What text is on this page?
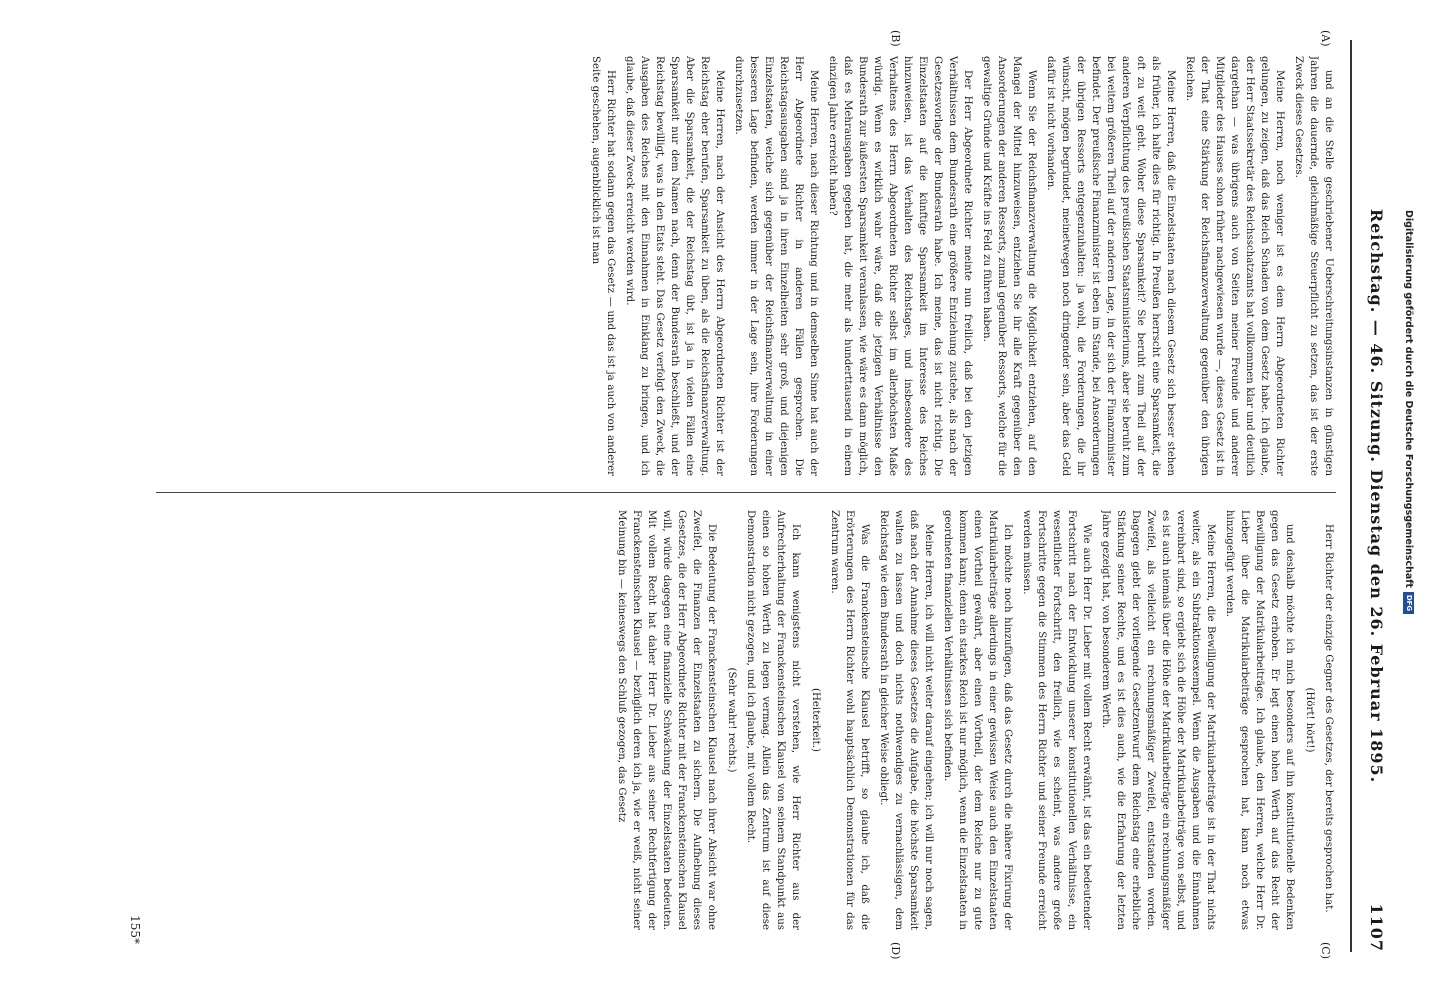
Reichstag. — 46. Sitzung. Dienstag den 26. Februar 1895.
1107
(A)
(B)
(C)
(D)

und an die Stelle geschriebener Ueberschreitungsinstanzen in günstigen Jahren die dauernde, gleichmäßige Steuerpflicht zu setzen, das ist der erste Zweck dieses Gesetzes.

Meine Herren, noch weniger ist es dem Herrn Abgeordneten Richter gelungen, zu zeigen, daß das Reich Schaden von dem Gesetz habe. Ich glaube, der Herr Staatssekretär des Reichsschatzamts hat vollkommen klar und deutlich dargethan — was übrigens auch von Seiten meiner Freunde und anderer Mitglieder des Hauses schon früher nachgewiesen wurde —, dieses Gesetz ist in der That eine Stärkung der Reichsfinanzverwaltung gegenüber den übrigen Reichen.

Meine Herren, daß die Einzelstaaten nach diesem Gesetz sich besser stehen als früher, ich halte dies für richtig. In Preußen herrscht eine Sparsamkeit, die oft zu weit geht. Woher diese Sparsamkeit? Sie beruht zum Theil auf der anderen Verpflichtung des preußischen Staatsministeriums, aber sie beruht zum bei weitem größeren Theil auf der anderen Lage, in der sich der Finanzminister befindet. Der preußische Finanzminister ist eben im Stande, bei Ansorderungen der übrigen Ressorts entgegenzuhalten: ja wohl, die Forderungen, die ihr wünscht, mögen begründet, meinetwegen noch dringender sein, aber das Geld dafür ist nicht vorhanden.

Wenn Sie der Reichsfinanzverwaltung die Möglichkeit entziehen, auf den Mangel der Mittel hinzuweisen, entziehen Sie ihr alle Kraft gegenüber den Ansorderungen der anderen Ressorts, zumal gegenüber Ressorts, welche für die gewaltige Gründe und Kräfte ins Feld zu führen haben.

Der Herr Abgeordnete Richter meinte nun freilich, daß bei den jetzigen Verhältnissen dem Bundesrath eine größere Entziehung zustehe, als nach der Gesetzesvorlage der Bundesrath habe. Ich meine, das ist nicht richtig. Die Einzelstaaten auf die künftige Sparsamkeit im Interesse des Reiches hinzuweisen, ist das Verhalten des Reichstages, und insbesondere des Verhaltens des Herrn Abgeordneten Richter selbst im allerhöchsten Maße würdig. Wenn es wirklich wahr wäre, daß die jetzigen Verhältnisse den Bundesrath zur äußersten Sparsamkeit veranlassen, wie wäre es dann möglich, daß es Mehrausgaben gegeben hat, die mehr als hunderttausend in einem einzigen Jahre erreicht haben?

Meine Herren, nach dieser Richtung und in demselben Sinne hat auch der Herr Abgeordnete Richter in anderen Fällen gesprochen. Die Reichstagsausgaben sind ja in ihren Einzelheiten sehr groß, und diejenigen Einzelstaaten, welche sich gegenüber der Reichsfinanzverwaltung in einer besseren Lage befinden, werden immer in der Lage sein, ihre Forderungen durchzusetzen.

Meine Herren, nach der Ansicht des Herrn Abgeordneten Richter ist der Reichstag eher berufen, Sparsamkeit zu üben, als die Reichsfinanzverwaltung. Aber die Sparsamkeit, die der Reichstag übt, ist ja in vielen Fällen eine Sparsamkeit nur dem Namen nach, denn der Bundesrath beschließt, und der Reichstag bewilligt, was in den Etats steht. Das Gesetz verfolgt den Zweck, die Ausgaben des Reiches mit den Einnahmen in Einklang zu bringen, und ich glaube, daß dieser Zweck erreicht werden wird.

Herr Richter hat sodann gegen das Gesetz — und das ist ja auch von anderer Seite geschehen, augenblicklich ist man

Herr Richter der einzige Gegner des Gesetzes, der bereits gesprochen hat.

(Hört! hört!)

und deshalb möchte ich mich besonders auf ihn konstitutionelle Bedenken gegen das Gesetz erhoben. Er legt einen hohen Werth auf das Recht der Bewilligung der Matrikularbeiträge. Ich glaube, den Herren, welche Herr Dr. Lieber über die Matrikularbeiträge gesprochen hat, kann noch etwas hinzugefügt werden.

Meine Herren, die Bewilligung der Matrikularbeiträge ist in der That nichts weiter, als ein Subtraktionsexempel. Wenn die Ausgaben und die Einnahmen vereinbart sind, so ergiebt sich die Höhe der Matrikularbeiträge von selbst, und es ist auch niemals über die Höhe der Matrikularbeiträge ein rechnungsmäßiger Zweifel, als vielleicht ein rechnungsmäßiger Zweifel, entstanden worden. Dagegen giebt der vorliegende Gesetzentwurf dem Reichstag eine erhebliche Stärkung seiner Rechte, und es ist dies auch, wie die Erfahrung der letzten Jahre gezeigt hat, von besonderem Werth.

Wie auch Herr Dr. Lieber mit vollem Recht erwähnt, ist das ein bedeutender Fortschritt nach der Entwicklung unserer konstitutionellen Verhältnisse, ein wesentlicher Fortschritt, den freilich, wie es scheint, was andere große Fortschritte gegen die Stimmen des Herrn Richter und seiner Freunde erreicht werden müssen.

Ich möchte noch hinzufügen, daß das Gesetz durch die nähere Fixirung der Matrikularbeiträge allerdings in einer gewissen Weise auch den Einzelstaaten einen Vortheil gewährt, aber einen Vortheil, der dem Reiche nur zu gute kommen kann; denn ein starkes Reich ist nur möglich, wenn die Einzelstaaten in geordneten finanziellen Verhältnissen sich befinden.

Meine Herren, ich will nicht weiter darauf eingehen; ich will nur noch sagen, daß nach der Annahme dieses Gesetzes die Aufgabe, die höchste Sparsamkeit walten zu lassen und doch nichts nothwendiges zu vernachlässigen, dem Reichstag wie dem Bundesrath in gleicher Weise obliegt.

Was die Franckensteinsche Klausel betrifft, so glaube ich, daß die Erörterungen des Herrn Richter wohl hauptsächlich Demonstrationen für das Zentrum waren.

(Heiterkeit.)

Ich kann wenigstens nicht verstehen, wie Herr Richter aus der Aufrechterhaltung der Franckensteinschen Klausel von seinem Standpunkt aus einen so hohen Werth zu legen vermag. Allein das Zentrum ist auf diese Demonstration nicht gezogen, und ich glaube, mit vollem Recht.

(Sehr wahr! rechts.)

Die Bedeutung der Franckensteinschen Klausel nach ihrer Absicht war ohne Zweifel, die Finanzen der Einzelstaaten zu sichern. Die Aufhebung dieses Gesetzes, die der Herr Abgeordnete Richter mit der Franckensteinschen Klausel will, würde dagegen eine finanzielle Schwächung der Einzelstaaten bedeuten. Mit vollem Recht hat daher Herr Dr. Lieber aus seiner Rechtfertigung der Franckensteinschen Klausel — bezüglich deren ich ja, wie er weiß, nicht seiner Meinung bin — keineswegs den Schluß gezogen, das Gesetz

155*
Digitalisierung gefördert durch die Deutsche Forschungsgemeinschaft
DFG
